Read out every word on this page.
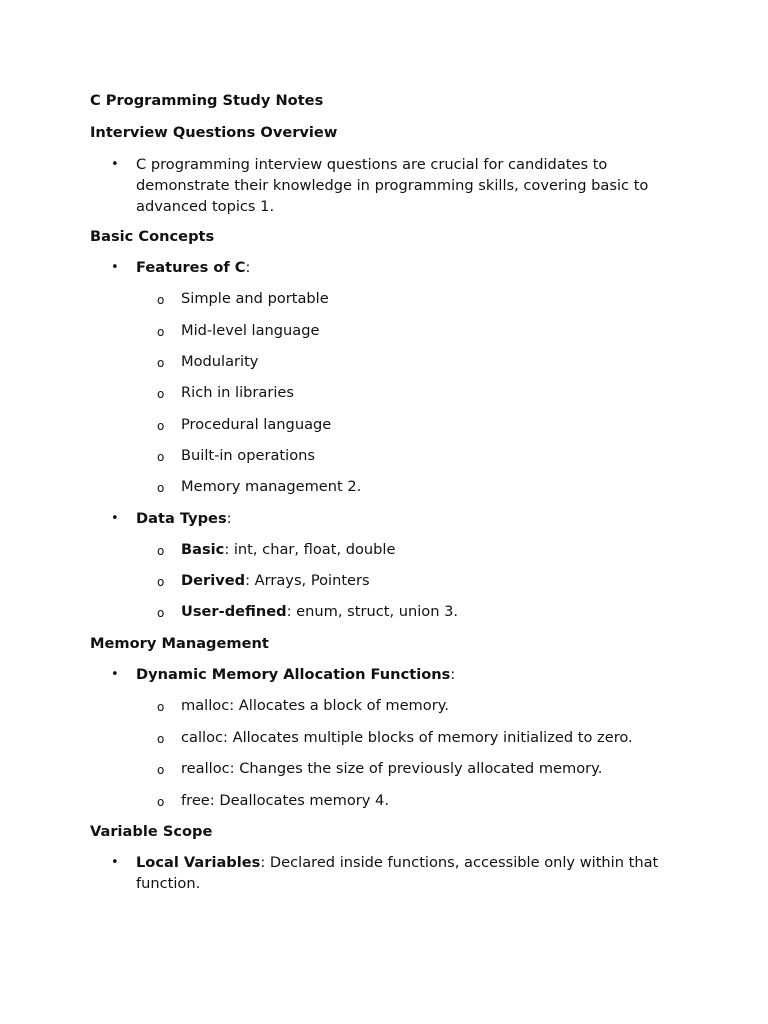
C Programming Study Notes
Interview Questions Overview
• C programming interview questions are crucial for candidates to demonstrate their knowledge in programming skills, covering basic to advanced topics 1.
Basic Concepts
• Features of C:
o Simple and portable
o Mid-level language
o Modularity
o Rich in libraries
o Procedural language
o Built-in operations
o Memory management 2.
• Data Types:
o Basic: int, char, float, double
o Derived: Arrays, Pointers
o User-defined: enum, struct, union 3.
Memory Management
• Dynamic Memory Allocation Functions:
o malloc: Allocates a block of memory.
o calloc: Allocates multiple blocks of memory initialized to zero.
o realloc: Changes the size of previously allocated memory.
o free: Deallocates memory 4.
Variable Scope
• Local Variables: Declared inside functions, accessible only within that function.
